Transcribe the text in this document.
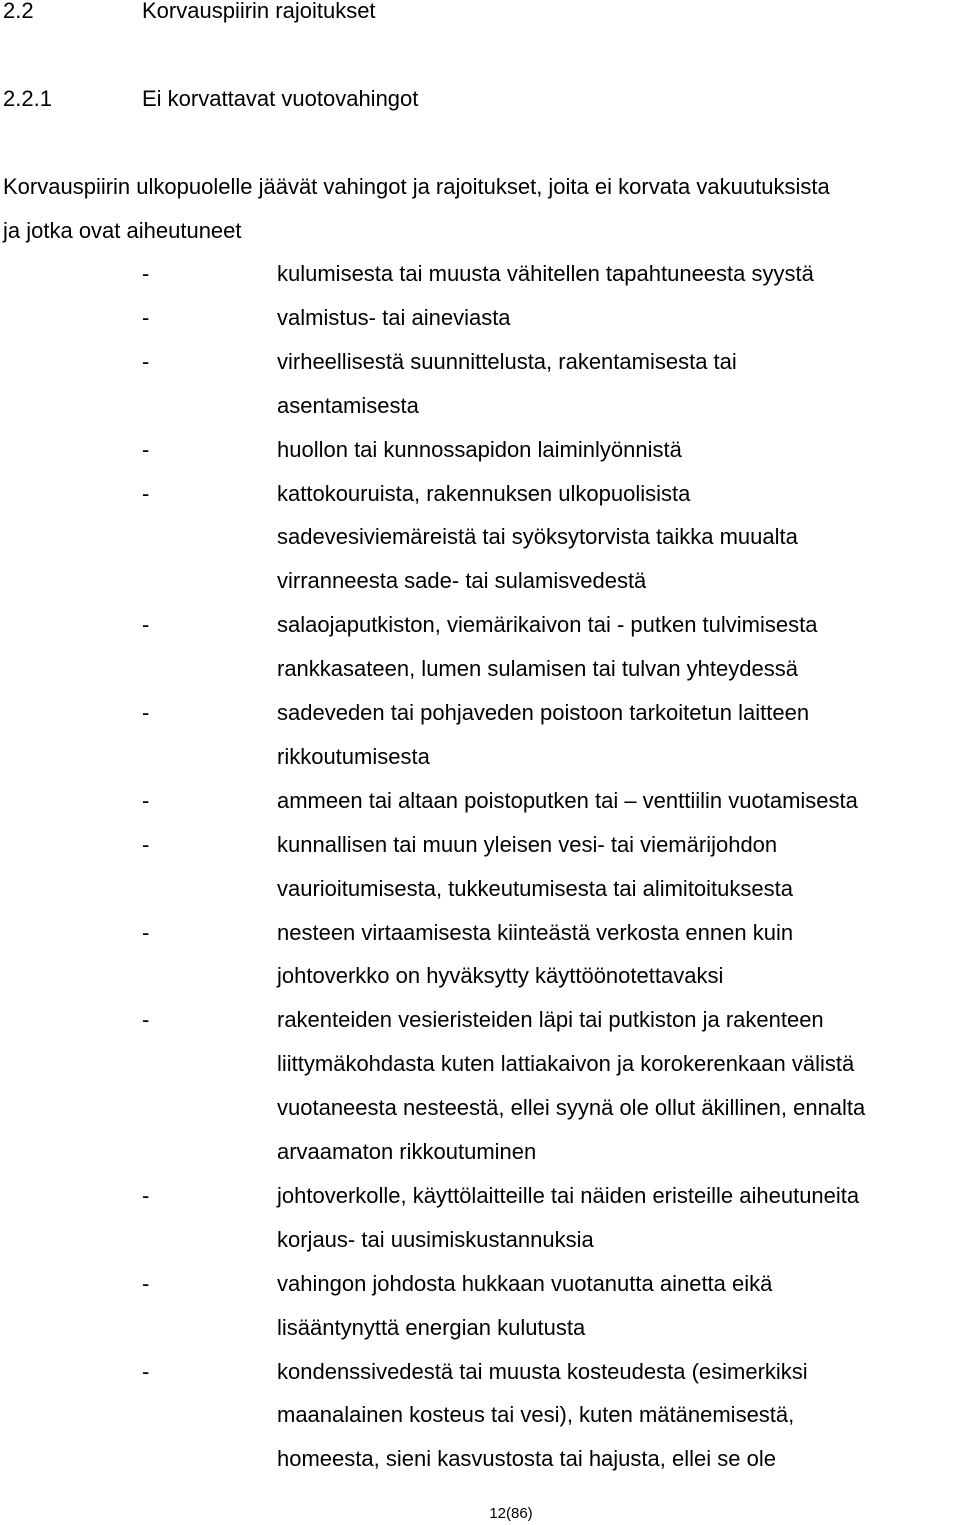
2.2	Korvauspiirin rajoitukset
2.2.1	Ei korvattavat vuotovahingot
Korvauspiirin ulkopuolelle jäävät vahingot ja rajoitukset, joita ei korvata vakuutuksista
ja jotka ovat aiheutuneet
-	kulumisesta tai muusta vähitellen tapahtuneesta syystä
-	valmistus- tai aineviasta
-	virheellisestä suunnittelusta, rakentamisesta tai
asentamisesta
-	huollon tai kunnossapidon laiminlyönnistä
-	kattokouruista, rakennuksen ulkopuolisista
sadevesiviemäreistä tai syöksytorvista taikka muualta
virranneesta sade- tai sulamisvedestä
-	salaojaputkiston, viemärikaivon tai - putken tulvimisesta
rankkasateen, lumen sulamisen tai tulvan yhteydessä
-	sadeveden tai pohjaveden poistoon tarkoitetun laitteen
rikkoutumisesta
-	ammeen tai altaan poistoputken tai – venttiilin vuotamisesta
-	kunnallisen tai muun yleisen vesi- tai viemärijohdon
vaurioitumisesta, tukkeutumisesta tai alimitoituksesta
-	nesteen virtaamisesta kiinteästä verkosta ennen kuin
johtoverkko on hyväksytty käyttöönotettavaksi
-	rakenteiden vesieristeiden läpi tai putkiston ja rakenteen
liittymäkohdasta kuten lattiakaivon ja korokerenkaan välistä
vuotaneesta nesteestä, ellei syynä ole ollut äkillinen, ennalta
arvaamaton rikkoutuminen
-	johtoverkolle, käyttölaitteille tai näiden eristeille aiheutuneita
korjaus- tai uusimiskustannuksia
-	vahingon johdosta hukkaan vuotanutta ainetta eikä
lisääntynyttä energian kulutusta
-	kondenssivedestä tai muusta kosteudesta (esimerkiksi
maanalainen kosteus tai vesi), kuten mätänemisestä,
homeesta, sieni kasvustosta tai hajusta, ellei se ole
12(86)
